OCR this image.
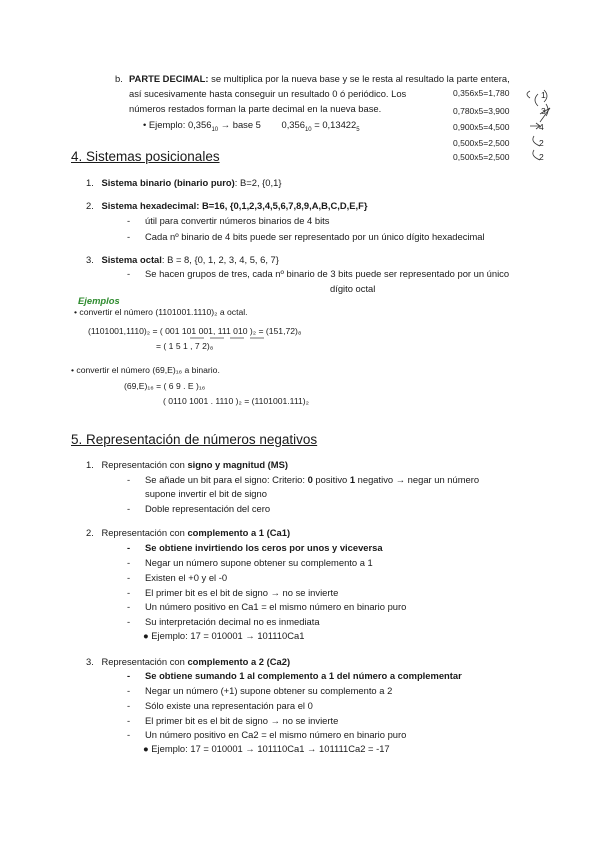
b. PARTE DECIMAL: se multiplica por la nueva base y se le resta al resultado la parte entera,
así sucesivamente hasta conseguir un resultado 0 ó periódico. Los
números restados forman la parte decimal en la nueva base.
• Ejemplo: $0,356_{10}$ → base 5 $0,356_{10} = 0,13422_5$
0,356x5=1,780
0,780x5=3,900
0,900x5=4,500
0,500x5=2,500
0,500x5=2,500
1
3
4
2
2
4. Sistemas posicionales
1. Sistema binario (binario puro): B=2, {0,1}
2. Sistema hexadecimal: B=16, {0,1,2,3,4,5,6,7,8,9,A,B,C,D,E,F}
- útil para convertir números binarios de 4 bits
- Cada nº binario de 4 bits puede ser representado por un único dígito hexadecimal
3. Sistema octal: B = 8, {0, 1, 2, 3, 4, 5, 6, 7}
- Se hacen grupos de tres, cada nº binario de 3 bits puede ser representado por un único
dígito octal
Ejemplos
• convertir el número (1101001.1110)₂ a octal.
(1101001,1110)₂ = ( 001 101 001, 111 010 )₂ = (151,72)₈
= ( 1 5 1 , 7 2)₈
• convertir el número (69,E)₁₆ a binario.
(69,E)₁₆ = ( 6 9 . E )₁₆
( 0110 1001 . 1110 )₂ = (1101001.111)₂
5. Representación de números negativos
1. Representación con signo y magnitud (MS)
- Se añade un bit para el signo: Criterio: 0 positivo 1 negativo → negar un número
supone invertir el bit de signo
- Doble representación del cero
2. Representación con complemento a 1 (Ca1)
- Se obtiene invirtiendo los ceros por unos y viceversa
- Negar un número supone obtener su complemento a 1
- Existen el +0 y el -0
- El primer bit es el bit de signo → no se invierte
- Un número positivo en Ca1 = el mismo número en binario puro
- Su interpretación decimal no es inmediata
● Ejemplo: 17 = 010001 → 101110Ca1
3. Representación con complemento a 2 (Ca2)
- Se obtiene sumando 1 al complemento a 1 del número a complementar
- Negar un número (+1) supone obtener su complemento a 2
- Sólo existe una representación para el 0
- El primer bit es el bit de signo → no se invierte
- Un número positivo en Ca2 = el mismo número en binario puro
● Ejemplo: 17 = 010001 → 101110Ca1 → 101111Ca2 = -17
